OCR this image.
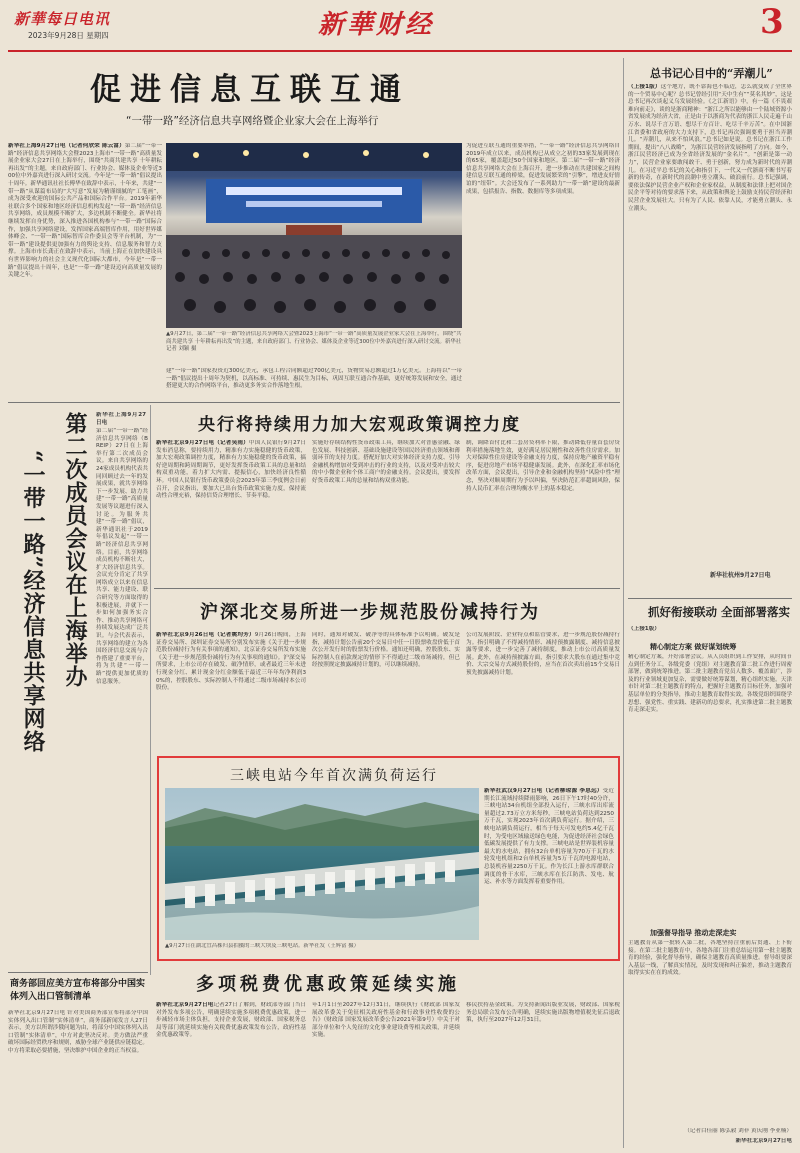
新華每日电讯
2023年9月28日 星期四	新華财经	3
促进信息互联互通
“一带一路”经济信息共享网络暨企业家大会在上海举行
新华社上海9月27日电（记者何欣荣 陈云富）第二届“一带一路”经济信息共享网络大会暨2023上海市“一带一路”高质量发展企业家大会27日在上海举行，围绕“共商共建共享 十年耕耘再出发”的主题，来自政府部门、行业协会、媒体及企业等近300位中外嘉宾进行深入研讨交流。今年是“一带一路”倡议提出十周年。新华通讯社社长傅华在致辞中表示，十年来，共建“一带一路”从谋篇布局的“大写意”发展为精谨细腻的“工笔画”，成为深受欢迎的国际公共产品和国际合作平台。2019年新华社联合多个国家和地区经济信息机构发起“一带一路”经济信息共享网络，成员规模不断扩大，多边机制不断健全。新华社将继续发挥自身优势，深入推进各国机构参与“一带一路”国际合作，加强共享网络建设，发挥国家高端智库作用，用好世界媒体峰会、“一带一路”国际智库合作委员会等平台机制，为“一带一路”建设提供更加强有力的舆论支持、信息服务和智力支撑。上海市市长龚正在致辞中表示，当前上海正在加快建设具有世界影响力的社会主义现代化国际大都市，今年是“一带一路”倡议提出十周年，也是“一带一路”建设迈向高质量发展的关键之年。
▲9月27日，第二届“一带一路”经济信息共享网络大会暨2023上海市“一带一路”高质量发展企业家大会在上海举行，围绕“共商共建共享 十年耕耘再出发”的主题，来自政府部门、行业协会、媒体及企业等近300位中外嘉宾进行深入研讨交流。新华社记者 刘颖 摄
建“一带一路”国家投资近300亿美元，承包工程合同额超过700亿美元，货物贸易总额超过1万亿美元。上海将以“一带一路”倡议提出十周年为契机，以高标准、可持续、惠民生为目标，巩固互联互通合作基础，更好统筹发展和安全，通过搭建更大的合作网络平台，推动更多务实合作落地生根。
为促进互联互通的重要举措，“一带一路”经济信息共享网络自2019年成立以来，成员机构已从成立之初的33家发展到现在的65家，覆盖超过50个国家和地区。第二届“一带一路”经济信息共享网络大会在上海召开，进一步推动在共建国家之间构建信息互联互通的桥梁，促进发展繁荣的“引擎”，增进友好情谊的“纽带”。大会还发布了一系列助力“一带一路”建设的最新成果，包括报告、指数、数据库等多项成果。
总书记心目中的“弄潮儿”
（上接1版）这个地方，既不靠海也不临边，怎么就变成了全世界的一个贸易中心呢？总书记曾经引用“天中生有”“莫名其妙”，这是总书记再次谈起义乌发展经验。《之江新语》中，有一篇《不畏艰难向前走》，谈的是浙商精神：“浙江之所以能够由一个陆域资源小省发展成为经济大省，正是由于以浙商为代表的浙江人民走遍千山万水、说尽千言万语、想尽千方百计、吃尽千辛万苦”。在中国浙江省委和省政府的大力支持下，总书记再次强调要勇于担当弄潮儿。“弄潮儿，从来不怕风浪。”总书记如是说。总书记在浙江工作期间，提出“八八战略”，为浙江民营经济发展指明了方向。如今，浙江民营经济已成为全省经济发展的“金名片”。“创新是第一动力”，民营企业家要敢闯敢干、勇于创新，努力成为新时代的弄潮儿。在习近平总书记的关心和指引下，一代又一代浙商不断书写着新的传奇，在新时代的浪潮中勇立潮头、破浪前行。总书记强调，要依法保护民营企业产权和企业家权益，从制度和法律上把对国企民企平等对待的要求落下来，从政策和舆论上鼓励支持民营经济和民营企业发展壮大。只有为了人民、依靠人民，才能勇立潮头、永立潮头。
新华社杭州9月27日电
第二次成员会议在上海举办
“一带一路”经济信息共享网络
新华社上海9月27日电
第二届“一带一路”经济信息共享网络（BREIP）27日在上海举行第二次成员会议。来自共享网络的24家成员机构代表共同回顾过去一年的发展成果，就共享网络下一步发展、助力共建“一带一路”高质量发展等议题进行深入讨论。为服务共建“一带一路”倡议，新华通讯社于2019年倡议发起“一带一路”经济信息共享网络。目前，共享网络成员机构不断壮大，扩大经济信息共享。会议充分肯定了共享网络成立以来在信息共享、能力建设、联合研究等方面取得的积极进展，并就下一步如何加强务实合作、推动共享网络可持续发展达成广泛共识。与会代表表示，共享网络的建立为各国经济信息交流与合作搭建了重要平台，将为共建“一带一路”提供更加优质的信息服务。
央行将持续用力加大宏观政策调控力度
新华社北京9月27日电（记者吴雨）中国人民银行9月27日发布消息称，要持续用力，精准有力实施稳健的货币政策，加大宏观政策调控力度，精准有力实施稳健的货币政策，搞好逆周期和跨周期调节，更好发挥货币政策工具的总量和结构双重功能，着力扩大内需、提振信心，加快经济良性循环。中国人民银行货币政策委员会2023年第三季度例会日前召开，会议指出，要加大已出台货币政策实施力度，保持流动性合理充裕，保持信贷合理增长、节奏平稳。
实施好存续结构性货币政策工具，继续加大对普惠金融、绿色发展、科技创新、基础设施建设等国民经济重点领域和薄弱环节的支持力度。搭配好加大对实体经济支持力度、引导金融机构增加对受到冲击的行业的支持，以及对受冲击较大的中小微企业和个体工商户的金融支持。会议提出，要发挥好货币政策工具的总量和结构双重功能。
制，调降首付比和二套房贷利率下限，推动降低存量首套房贷利率措施落地生效，更好满足居民刚性和改善性住房需求。加大对保障性住房建设等金融支持力度，保持房地产融资平稳有序，促进房地产市场平稳健康发展。此外，在深化汇率市场化改革方面，会议提出，引导企业和金融机构坚持“风险中性”理念，坚决对顺周期行为予以纠偏，坚决防范汇率超调风险，保持人民币汇率在合理均衡水平上的基本稳定。
沪深北交易所进一步规范股份减持行为
新华社北京9月26日电（记者姚均芳）9月26日晚间，上海证券交易所、深圳证券交易所分别发布实施《关于进一步规范股份减持行为有关事项的通知》，北京证券交易所发布实施《关于进一步规范股份减持行为有关事项的通知》。沪深交易所要求，上市公司存在破发、破净情形，或者最近三年未进行现金分红、累计现金分红金额低于最近三年年均净利润30%的，控股股东、实际控制人不得通过二级市场减持本公司股份。
同时，通知对破发、破净等的具体标准予以明确。破发是指，减持计划公告前20个交易日中任一日股票收盘价低于首次公开发行时的股票发行价格。通知还明确，控股股东、实际控制人在前款规定的情形下不得通过二级市场减持，但已经按照规定披露减持计划的，可以继续减持。
公司发展阶段、企业特点和监管要求，进一步规范股份减持行为。指引明确了不得减持情形、减持预披露制度、减持信息披露等要求，进一步完善了减持制度，推动上市公司高质量发展。此外，在减持预披露方面，指引要求大股东在通过集中竞价、大宗交易方式减持股份的，应当在首次卖出前15个交易日预先披露减持计划。
抓好衔接联动 全面部署落实
（上接1版）
精心制定方案 做好谋划统筹
精心制定方案，开好部署会议。从人员组织到工作安排，从时间节点到任务分工，各级党委（党组）对主题教育第二批工作进行周密部署，做到统筹推进。第二批主题教育党员人数多、覆盖面广，涉及的行业领域更加复杂，需要做好统筹谋划，精心组织实施。天津市针对第二批主题教育的特点，把握好主题教育目标任务，加强对基层单位的分类指导，推动主题教育取得实效。各级党组织围绕学思想、强党性、重实践、建新功的总要求，扎实推进第二批主题教育走深走实。
加强督导指导 推动走深走实
主题教育从第一批转入第二批，各地坚持注重前后贯通、上下衔接。在第二批主题教育中，各地各部门注重总结运用第一批主题教育的经验，强化督导指导，确保主题教育高质量推进。督导组要深入基层一线，了解真实情况，及时发现和纠正偏差，推动主题教育取得实实在在的成效。
（记者白佳丽 陈弘毅 刘菲 黄庆刚 李亚楠）
新华社北京9月27日电
三峡电站今年首次满负荷运行
▲9月27日在湖北宜昌秭归县拍摄的三峡大坝及三峡电站。新华社发（王辉富 摄）
新华社武汉9月27日电（记者柳琼源 李思远）受近期长江流域持续降雨影响，26日下午17时40分许，三峡电站34台机组全部投入运行，三峡水库出库流量超过2.73万立方米每秒，三峡电站负荷达到2250万千瓦，实现2023年首次满负荷运行。据介绍，三峡电站满负荷运行，相当于每天可发电约5.4亿千瓦时，为受电区域输送绿色电能，为促进经济社会绿色低碳发展提供了有力支撑。三峡电站是世界装机容量最大的水电站，拥有32台单机容量为70万千瓦的水轮发电机组和2台单机容量为5万千瓦的电源电站，总装机容量2250万千瓦。作为长江上游水库群联合调度的骨干水库，三峡水库在长江防洪、发电、航运、补水等方面发挥着重要作用。
商务部回应美方宣布将部分中国实体列入出口管制清单
新华社北京9月27日电 针对美国商务部宣布将部分中国实体列入出口管制“实体清单”，商务部新闻发言人27日表示，美方以所谓涉俄问题为由，将部分中国实体列入出口管制“实体清单”，中方对此坚决反对。美方做法严重破坏国际经贸秩序和规则，威胁全球产业链供应链稳定。中方将采取必要措施，坚决维护中国企业的正当权益。
多项税费优惠政策延续实施
新华社北京9月27日电记者27日了解到，财政部等部门当日对外发布多项公告，明确延续实施多项税费优惠政策，进一步减轻市场主体负担，支持企业发展，财政部、国家税务总局等部门就延续实施有关税费优惠政策发布公告，政府性基金优惠政策等。
年1月1日至2027年12月31日，继续执行《财政部 国家发展改革委关于免征相关政府性基金和行政事业性收费的公告》（财政部 国家发展改革委公告2021年第9号）中关于对部分单位和个人免征的文化事业建设费等相关政策，并延续实施。
移民扶持基金政策。为支持新闻出版业发展，财政部、国家税务总局联合发布公告明确，延续实施出版物增值税先征后退政策，执行至2027年12月31日。
